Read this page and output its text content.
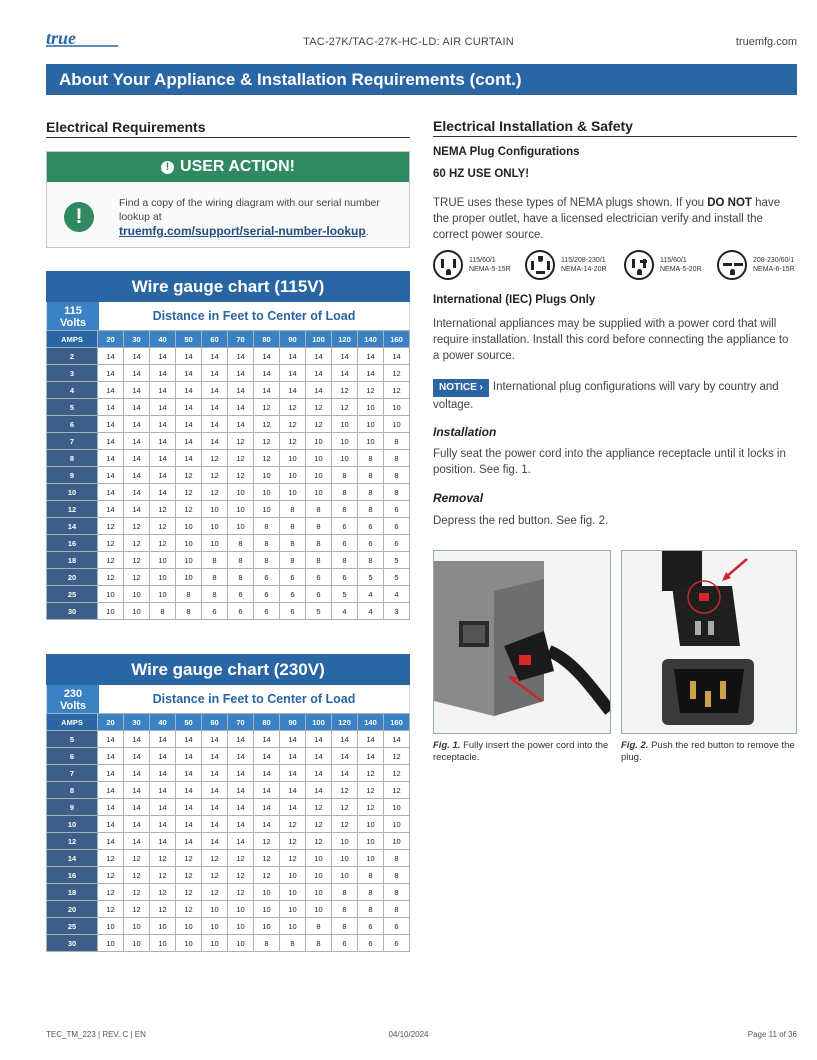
true	TAC-27K/TAC-27K-HC-LD: AIR CURTAIN	truemfg.com
About Your Appliance & Installation Requirements (cont.)
Electrical Requirements
! USER ACTION!
!
Find a copy of the wiring diagram with our serial number lookup at
truemfg.com/support/serial-number-lookup.
Wire gauge chart (115V)
115
Volts	Distance in Feet to Center of Load
AMPS	20	30	40	50	60	70	80	90	100	120	140	160
2	14	14	14	14	14	14	14	14	14	14	14	14
3	14	14	14	14	14	14	14	14	14	14	14	12
4	14	14	14	14	14	14	14	14	14	12	12	12
5	14	14	14	14	14	14	12	12	12	12	10	10
6	14	14	14	14	14	14	12	12	12	10	10	10
7	14	14	14	14	14	12	12	12	10	10	10	8
8	14	14	14	14	12	12	12	10	10	10	8	8
9	14	14	14	12	12	12	10	10	10	8	8	8
10	14	14	14	12	12	10	10	10	10	8	8	8
12	14	14	12	12	10	10	10	8	8	8	8	6
14	12	12	12	10	10	10	8	8	8	6	6	6
16	12	12	12	10	10	8	8	8	8	6	6	6
18	12	12	10	10	8	8	8	8	8	8	8	5
20	12	12	10	10	8	8	6	6	6	6	5	5
25	10	10	10	8	8	6	6	6	6	5	4	4
30	10	10	8	8	6	6	6	6	5	4	4	3
Wire gauge chart (230V)
230
Volts	Distance in Feet to Center of Load
AMPS	20	30	40	50	60	70	80	90	100	120	140	160
5	14	14	14	14	14	14	14	14	14	14	14	14
6	14	14	14	14	14	14	14	14	14	14	14	12
7	14	14	14	14	14	14	14	14	14	14	12	12
8	14	14	14	14	14	14	14	14	14	12	12	12
9	14	14	14	14	14	14	14	14	12	12	12	10
10	14	14	14	14	14	14	14	12	12	12	10	10
12	14	14	14	14	14	14	12	12	12	10	10	10
14	12	12	12	12	12	12	12	12	10	10	10	8
16	12	12	12	12	12	12	12	10	10	10	8	8
18	12	12	12	12	12	12	10	10	10	8	8	8
20	12	12	12	12	10	10	10	10	10	8	8	8
25	10	10	10	10	10	10	10	10	8	8	6	6
30	10	10	10	10	10	10	8	8	8	6	6	6
Electrical Installation & Safety
NEMA Plug Configurations
60 HZ USE ONLY!
TRUE uses these types of NEMA plugs shown. If you DO NOT have the proper outlet, have a licensed electrician verify and install the correct power source.
115/60/1
NEMA-5-15R
115/208-230/1
NEMA-14-20R
115/60/1
NEMA-5-20R
208-230/60/1
NEMA-6-15R
International (IEC) Plugs Only
International appliances may be supplied with a power cord that will require installation. Install this cord before connecting the appliance to a power source.
NOTICE › International plug configurations will vary by country and voltage.
Installation
Fully seat the power cord into the appliance receptacle until it locks in position. See fig. 1.
Removal
Depress the red button. See fig. 2.
Fig. 1. Fully insert the power cord into the receptacle.
Fig. 2. Push the red button to remove the plug.
TEC_TM_223 | REV. C | EN	04/10/2024	Page 11 of 36
